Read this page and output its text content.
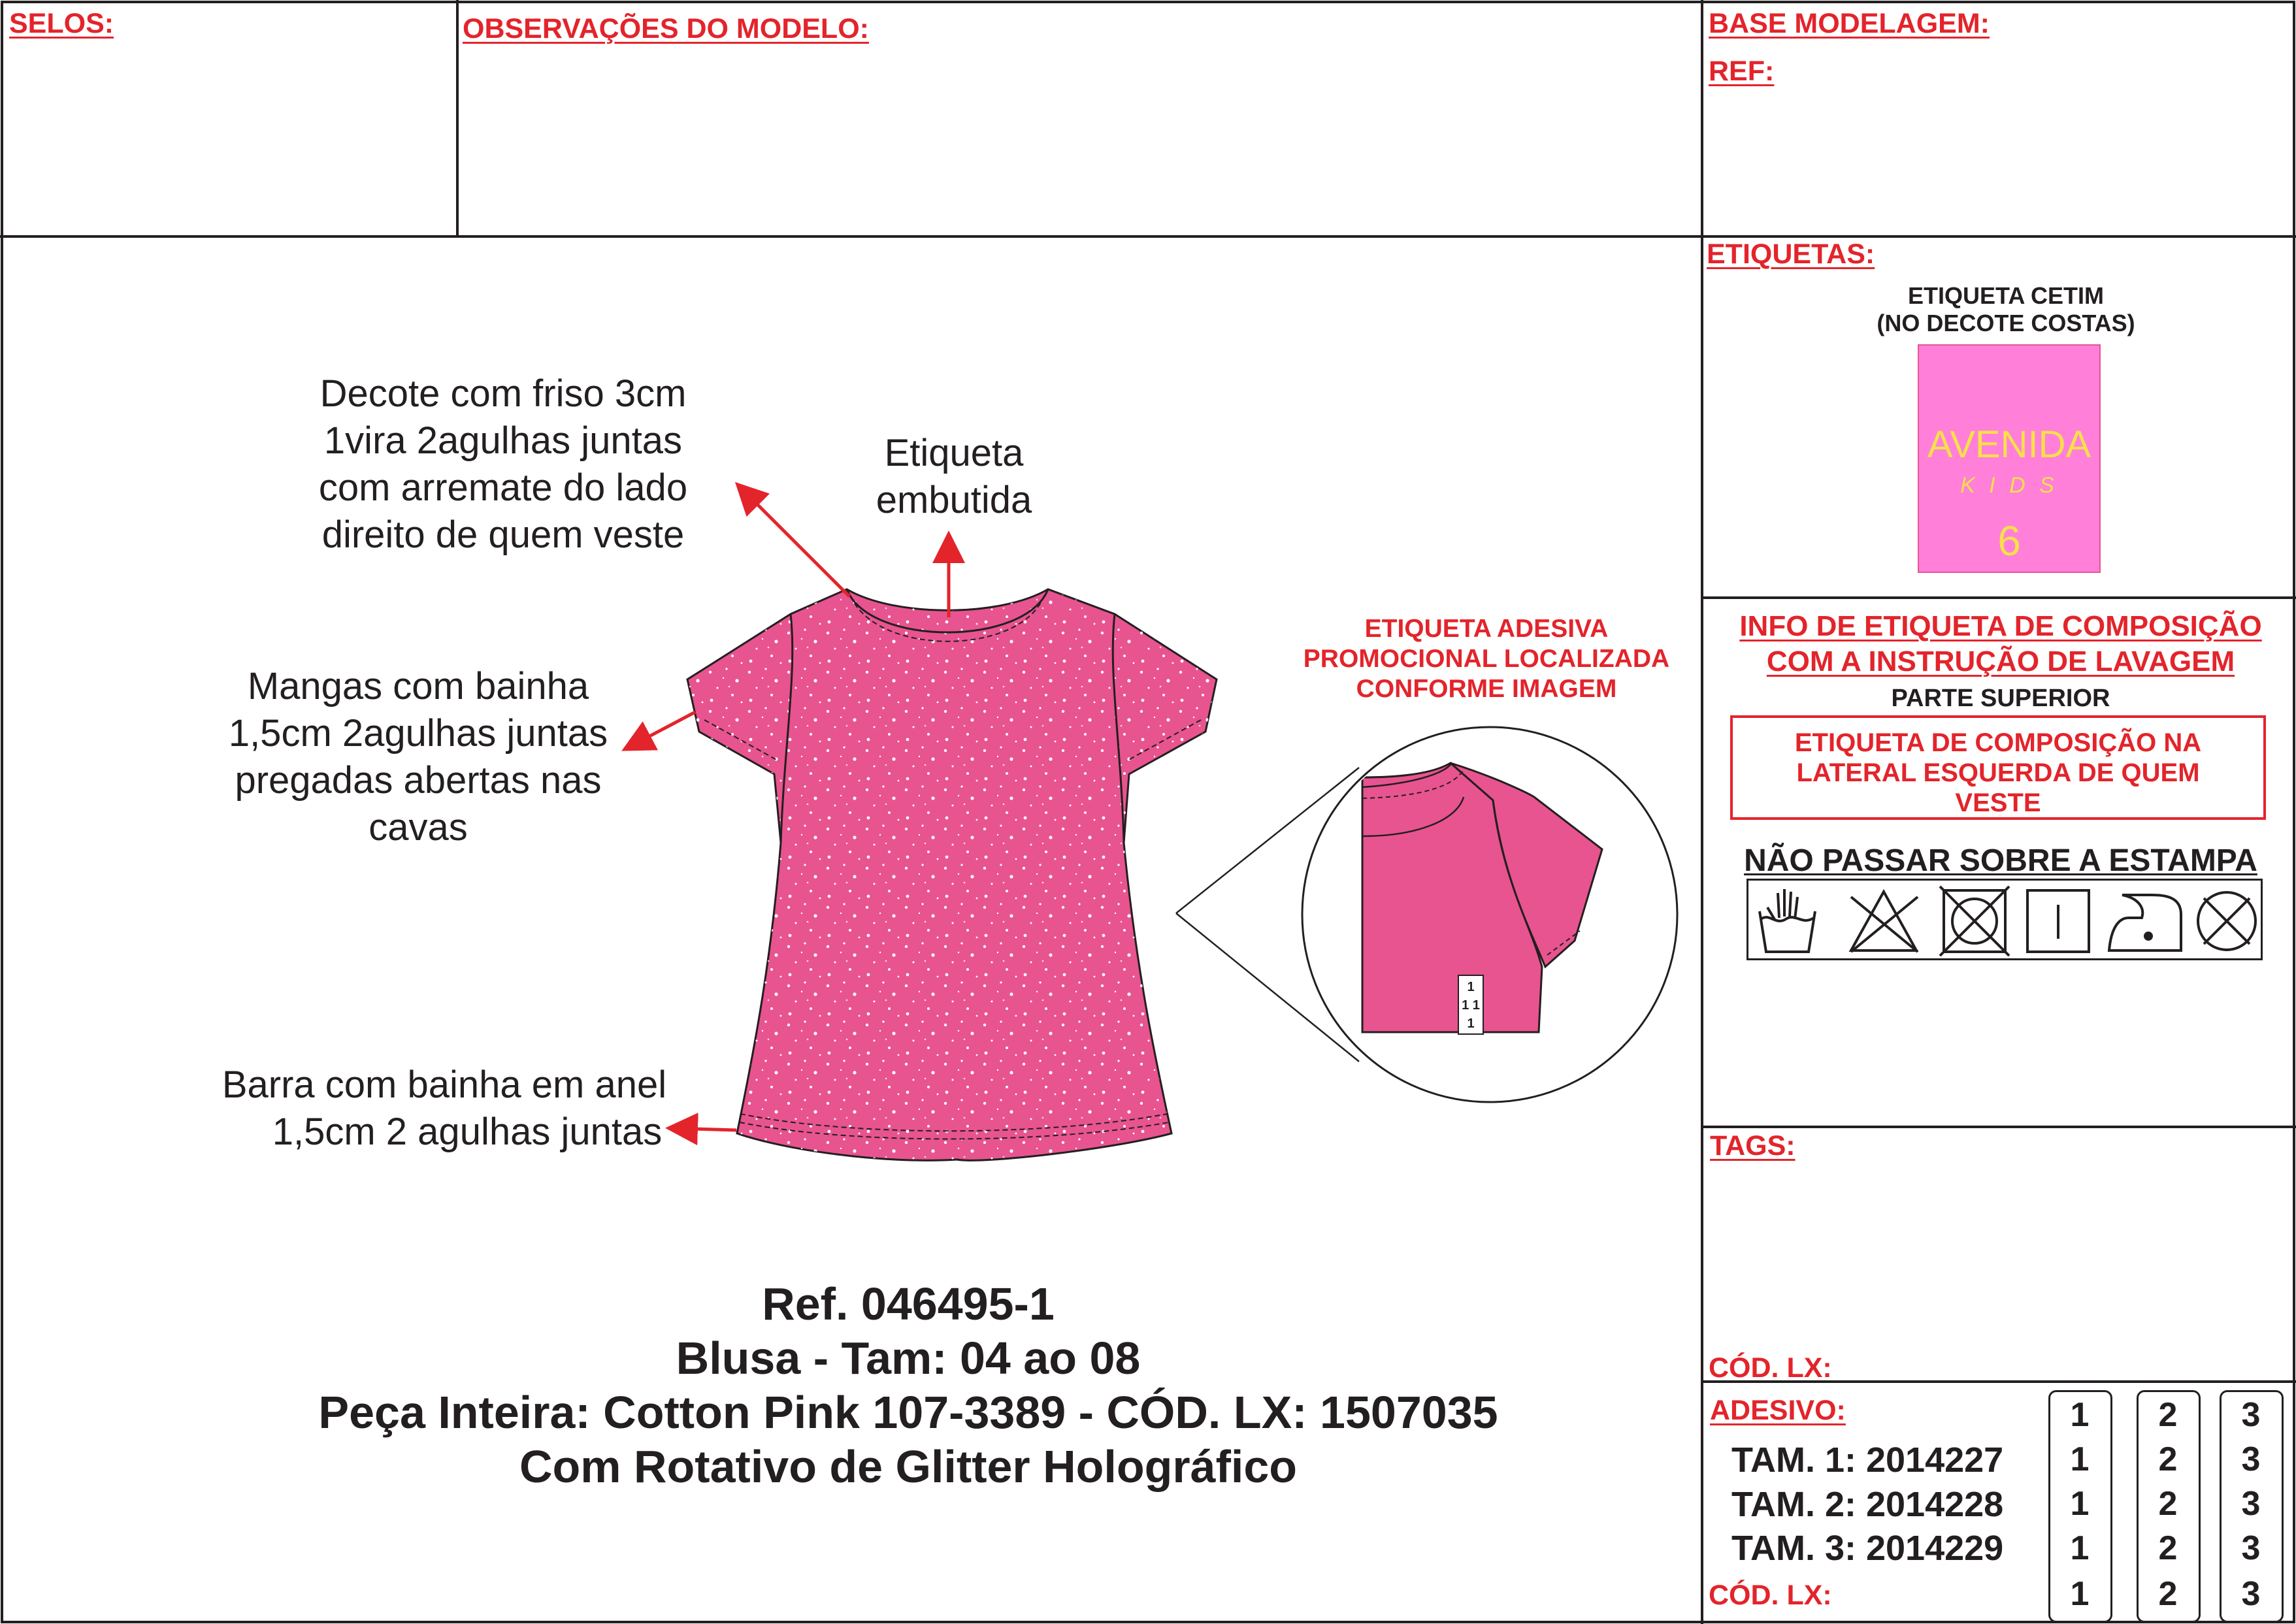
SELOS:	OBSERVAÇÕES DO MODELO:	BASE MODELAGEM:
REF:
1
1 1
1
Decote com friso 3cm
1vira 2agulhas juntas
com arremate do lado
direito de quem veste
Etiqueta
embutida
Mangas com bainha
1,5cm 2agulhas juntas
pregadas abertas nas
cavas
Barra com bainha em anel
1,5cm 2 agulhas juntas
ETIQUETA ADESIVA
PROMOCIONAL LOCALIZADA
CONFORME IMAGEM
Ref. 046495-1
Blusa - Tam: 04 ao 08
Peça Inteira: Cotton Pink 107-3389 - CÓD. LX: 1507035
Com Rotativo de Glitter Holográfico
ETIQUETAS:
ETIQUETA CETIM
(NO DECOTE COSTAS)
AVENIDA
K I D S
6
INFO DE ETIQUETA DE COMPOSIÇÃO
COM A INSTRUÇÃO DE LAVAGEM
PARTE SUPERIOR
ETIQUETA DE COMPOSIÇÃO NA
LATERAL ESQUERDA DE QUEM
VESTE
NÃO PASSAR SOBRE A ESTAMPA
TAGS:
CÓD. LX:
ADESIVO:
TAM. 1: 2014227
TAM. 2: 2014228
TAM. 3: 2014229
CÓD. LX:
1
1
1
1
1
2
2
2
2
2
3
3
3
3
3
